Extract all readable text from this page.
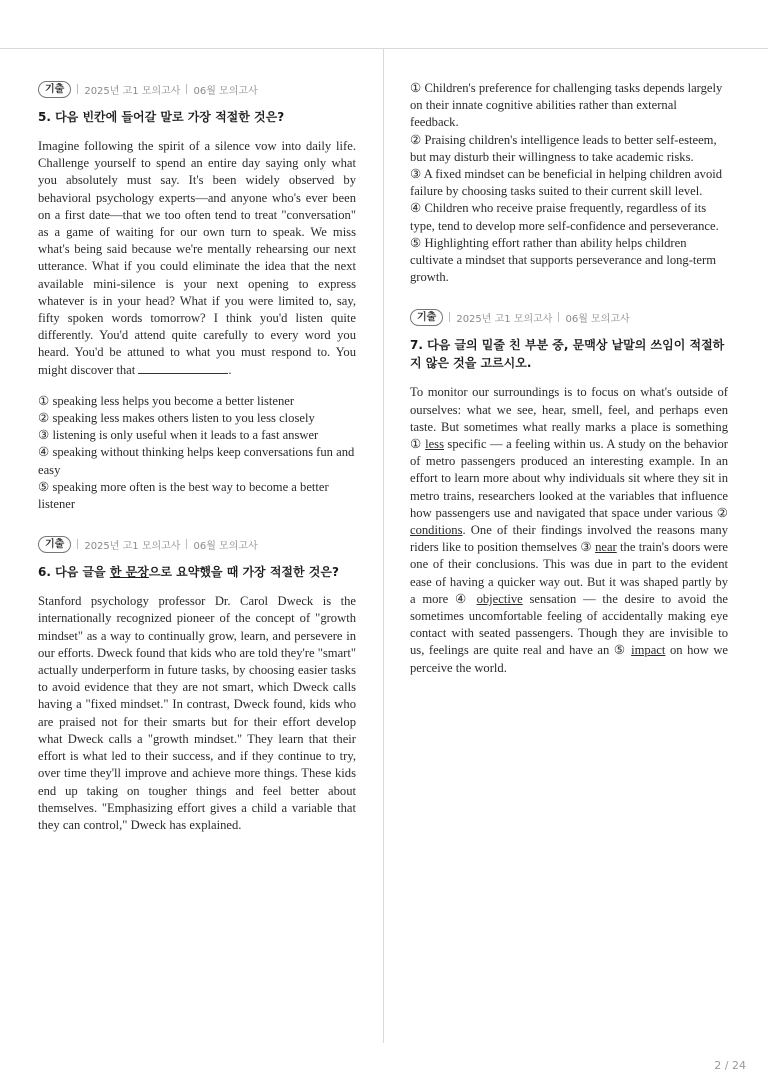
기출	2025년 고1 모의고사 06월 모의고사
5. 다음 빈칸에 들어갈 말로 가장 적절한 것은?

Imagine following the spirit of a silence vow into daily life. Challenge yourself to spend an entire day saying only what you absolutely must say. It's been widely observed by behavioral psychology experts—and anyone who's ever been on a first date—that we too often tend to treat "conversation" as a game of waiting for our own turn to speak. We miss what's being said because we're mentally rehearsing our next utterance. What if you could eliminate the idea that the next available mini-silence is your next opening to express whatever is in your head? What if you were limited to, say, fifty spoken words tomorrow? I think you'd listen quite differently. You'd attend quite carefully to every word you heard. You'd be attuned to what you must respond to. You might discover that	.

① speaking less helps you become a better listener

② speaking less makes others listen to you less closely

③ listening is only useful when it leads to a fast answer

④ speaking without thinking helps keep conversations fun and easy

⑤ speaking more often is the best way to become a better listener

기출	2025년 고1 모의고사 06월 모의고사
6. 다음 글을 한 문장으로 요약했을 때 가장 적절한 것은?

Stanford psychology professor Dr. Carol Dweck is the internationally recognized pioneer of the concept of "growth mindset" as a way to continually grow, learn, and persevere in our efforts. Dweck found that kids who are told they're "smart" actually underperform in future tasks, by choosing easier tasks to avoid evidence that they are not smart, which Dweck calls having a "fixed mindset." In contrast, Dweck found, kids who are praised not for their smarts but for their effort develop what Dweck calls a "growth mindset." They learn that their effort is what led to their success, and if they continue to try, over time they'll improve and achieve more things. These kids end up taking on tougher things and feel better about themselves. "Emphasizing effort gives a child a variable that they can control," Dweck has explained.

① Children's preference for challenging tasks depends largely on their innate cognitive abilities rather than external feedback.

② Praising children's intelligence leads to better self-esteem, but may disturb their willingness to take academic risks.

③ A fixed mindset can be beneficial in helping children avoid failure by choosing tasks suited to their current skill level.

④ Children who receive praise frequently, regardless of its type, tend to develop more self-confidence and perseverance.

⑤ Highlighting effort rather than ability helps children cultivate a mindset that supports perseverance and long-term growth.

기출	2025년 고1 모의고사 06월 모의고사
7. 다음 글의 밑줄 친 부분 중, 문맥상 낱말의 쓰임이 적절하지 않은 것을 고르시오.

To monitor our surroundings is to focus on what's outside of ourselves: what we see, hear, smell, feel, and perhaps even taste. But sometimes what really marks a place is something ① less specific — a feeling within us. A study on the behavior of metro passengers produced an interesting example. In an effort to learn more about why individuals sit where they sit in metro trains, researchers looked at the variables that influence how passengers use and navigated that space under various ② conditions. One of their findings involved the reasons many riders like to position themselves ③ near the train's doors were one of their conclusions. This was due in part to the evident ease of having a quicker way out. But it was shaped partly by a more ④ objective sensation — the desire to avoid the sometimes uncomfortable feeling of accidentally making eye contact with seated passengers. Though they are invisible to us, feelings are quite real and have an ⑤ impact on how we perceive the world.

2 / 24
